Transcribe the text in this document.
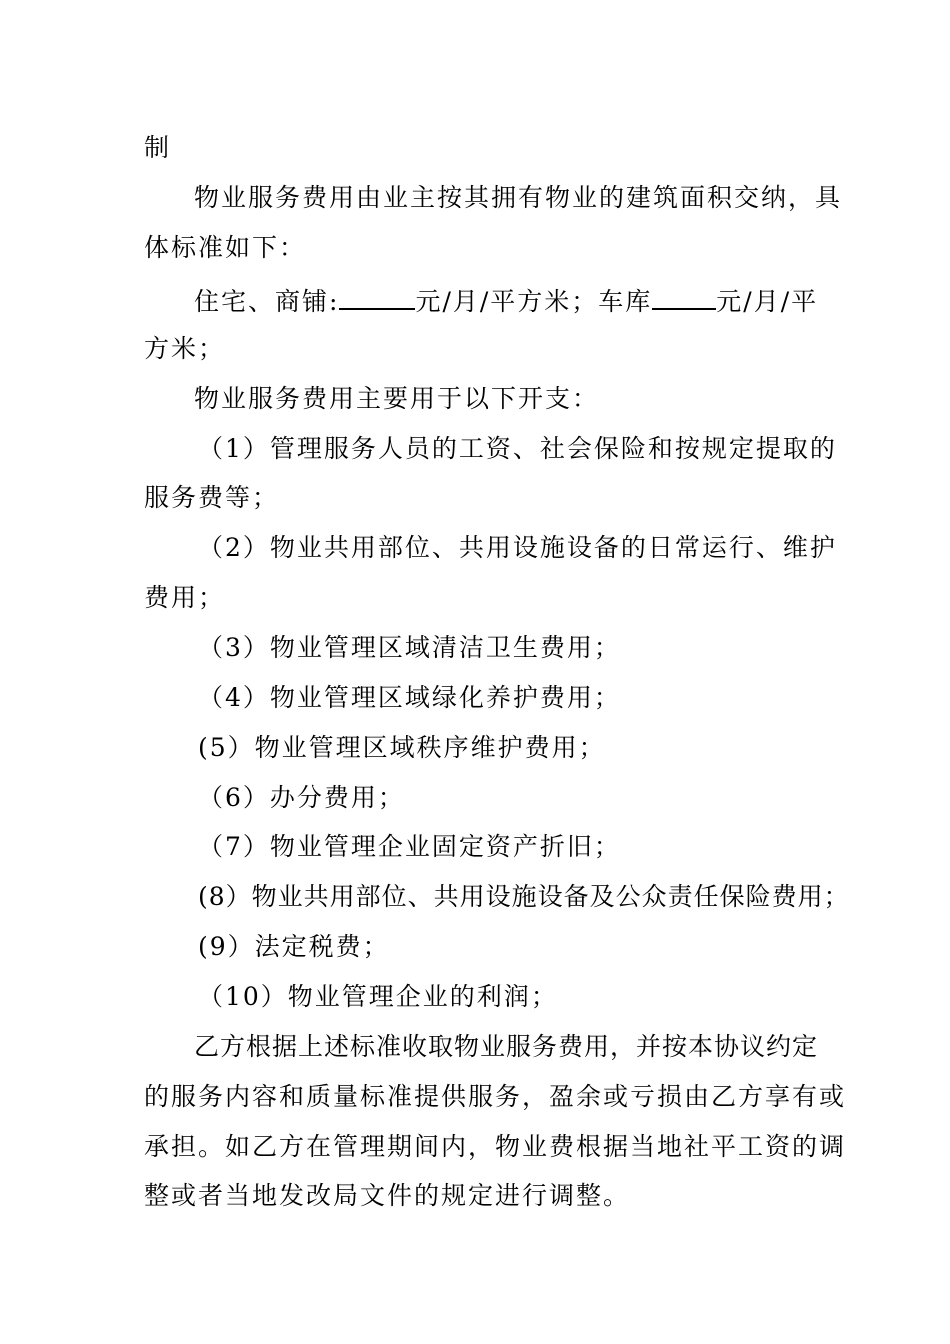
制
物业服务费用由业主按其拥有物业的建筑面积交纳，具
体标准如下：
住宅、商铺:	元/月/平方米；车库	元/月/平
方米；
物业服务费用主要用于以下开支：
（1）管理服务人员的工资、社会保险和按规定提取的
服务费等；
（2）物业共用部位、共用设施设备的日常运行、维护
费用；
（3）物业管理区域清洁卫生费用；
（4）物业管理区域绿化养护费用；
(5）物业管理区域秩序维护费用；
（6）办分费用；
（7）物业管理企业固定资产折旧；
(8）物业共用部位、共用设施设备及公众责任保险费用；
(9）法定税费；
（10）物业管理企业的利润；
乙方根据上述标准收取物业服务费用，并按本协议约定
的服务内容和质量标准提供服务，盈余或亏损由乙方享有或
承担。如乙方在管理期间内，物业费根据当地社平工资的调
整或者当地发改局文件的规定进行调整。
